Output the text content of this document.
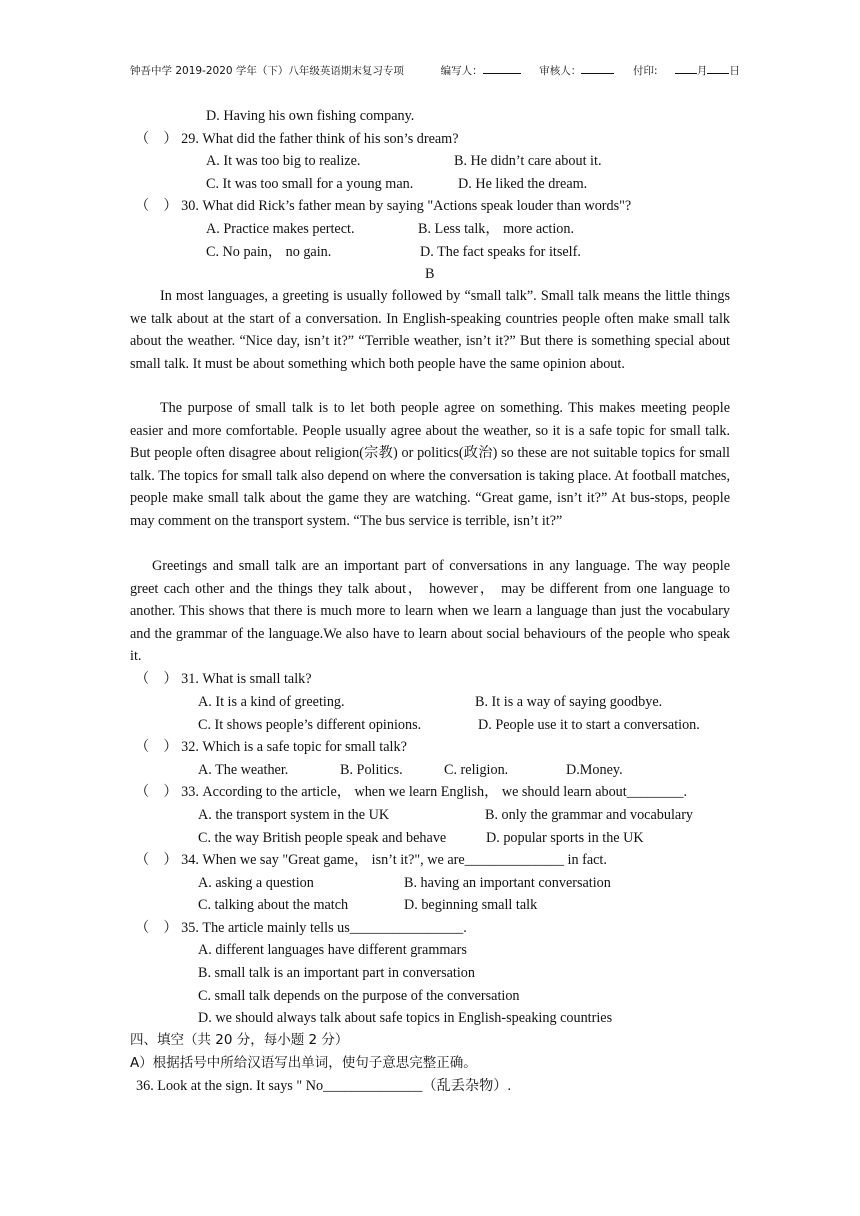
钟吾中学 2019-2020 学年（下）八年级英语期末复习专项	编写人：	审核人：	付印:	月 日
D. Having his own fishing company.
（　） 29. What did the father think of his son’s dream?
A. It was too big to realize.	B. He didn’t care about it.
C. It was too small for a young man.	D. He liked the dream.
（　） 30. What did Rick’s father mean by saying "Actions speak louder than words"?
A. Practice makes pertect.	B. Less talk， more action.
C. No pain， no gain.	D. The fact speaks for itself.
B
In most languages, a greeting is usually followed by “small talk”. Small talk means the little things we talk about at the start of a conversation. In English-speaking countries people often make small talk about the weather. “Nice day, isn’t it?” “Terrible weather, isn’t it?” But there is something special about small talk. It must be about something which both people have the same opinion about.
The purpose of small talk is to let both people agree on something. This makes meeting people easier and more comfortable. People usually agree about the weather, so it is a safe topic for small talk. But people often disagree about religion(宗教) or politics(政治) so these are not suitable topics for small talk. The topics for small talk also depend on where the conversation is taking place. At football matches, people make small talk about the game they are watching. “Great game, isn’t it?” At bus-stops, people may comment on the transport system. “The bus service is terrible, isn’t it?”
Greetings and small talk are an important part of conversations in any language. The way people greet cach other and the things they talk about， however， may be different from one language to another. This shows that there is much more to learn when we learn a language than just the vocabulary and the grammar of the language.We also have to learn about social behaviours of the people who speak it.
（　） 31. What is small talk?
A. It is a kind of greeting.	B. It is a way of saying goodbye.
C. It shows people’s different opinions.	D. People use it to start a conversation.
（　） 32. Which is a safe topic for small talk?
A. The weather.	B. Politics.	C. religion.	D.Money.
（　） 33. According to the article， when we learn English， we should learn about________.
A. the transport system in the UK	B. only the grammar and vocabulary
C. the way British people speak and behave	D. popular sports in the UK
（　） 34. When we say "Great game， isn’t it?", we are______________ in fact.
A. asking a question	B. having an important conversation
C. talking about the match	D. beginning small talk
（　） 35. The article mainly tells us________________.
A. different languages have different grammars
B. small talk is an important part in conversation
C. small talk depends on the purpose of the conversation
D. we should always talk about safe topics in English-speaking countries
四、填空（共 20 分，每小题 2 分）
A）根据括号中所给汉语写出单词，使句子意思完整正确。
36. Look at the sign. It says " No______________（乱丢杂物）.
